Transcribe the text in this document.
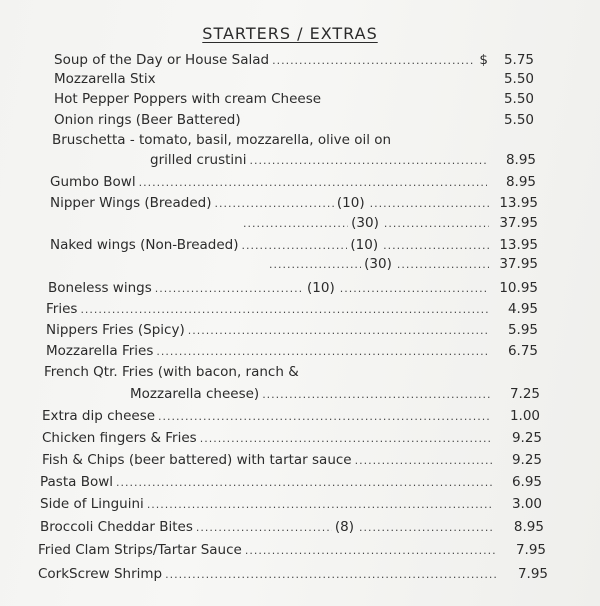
STARTERS / EXTRAS
Soup of the Day or House Salad .....	$	5.75
Mozzarella Stix	5.50
Hot Pepper Poppers with cream Cheese	5.50
Onion rings (Beer Battered)	5.50
Bruschetta - tomato, basil, mozzarella, olive oil on
grilled crustini .....	8.95
Gumbo Bowl .....	8.95
Nipper Wings (Breaded) .....	(10) .....	13.95
.....
(30) .....	37.95
Naked wings (Non-Breaded) .....	(10) .....	13.95
.....
(30) .....	37.95
Boneless wings .....	(10) .....	10.95
Fries .....	4.95
Nippers Fries (Spicy) .....	5.95
Mozzarella Fries .....	6.75
French Qtr. Fries (with bacon, ranch &
Mozzarella cheese) .....	7.25
Extra dip cheese .....	1.00
Chicken fingers & Fries .....	9.25
Fish & Chips (beer battered) with tartar sauce .....	9.25
Pasta Bowl .....	6.95
Side of Linguini .....	3.00
Broccoli Cheddar Bites .....	(8) .....	8.95
Fried Clam Strips/Tartar Sauce .....	7.95
CorkScrew Shrimp .....	7.95
